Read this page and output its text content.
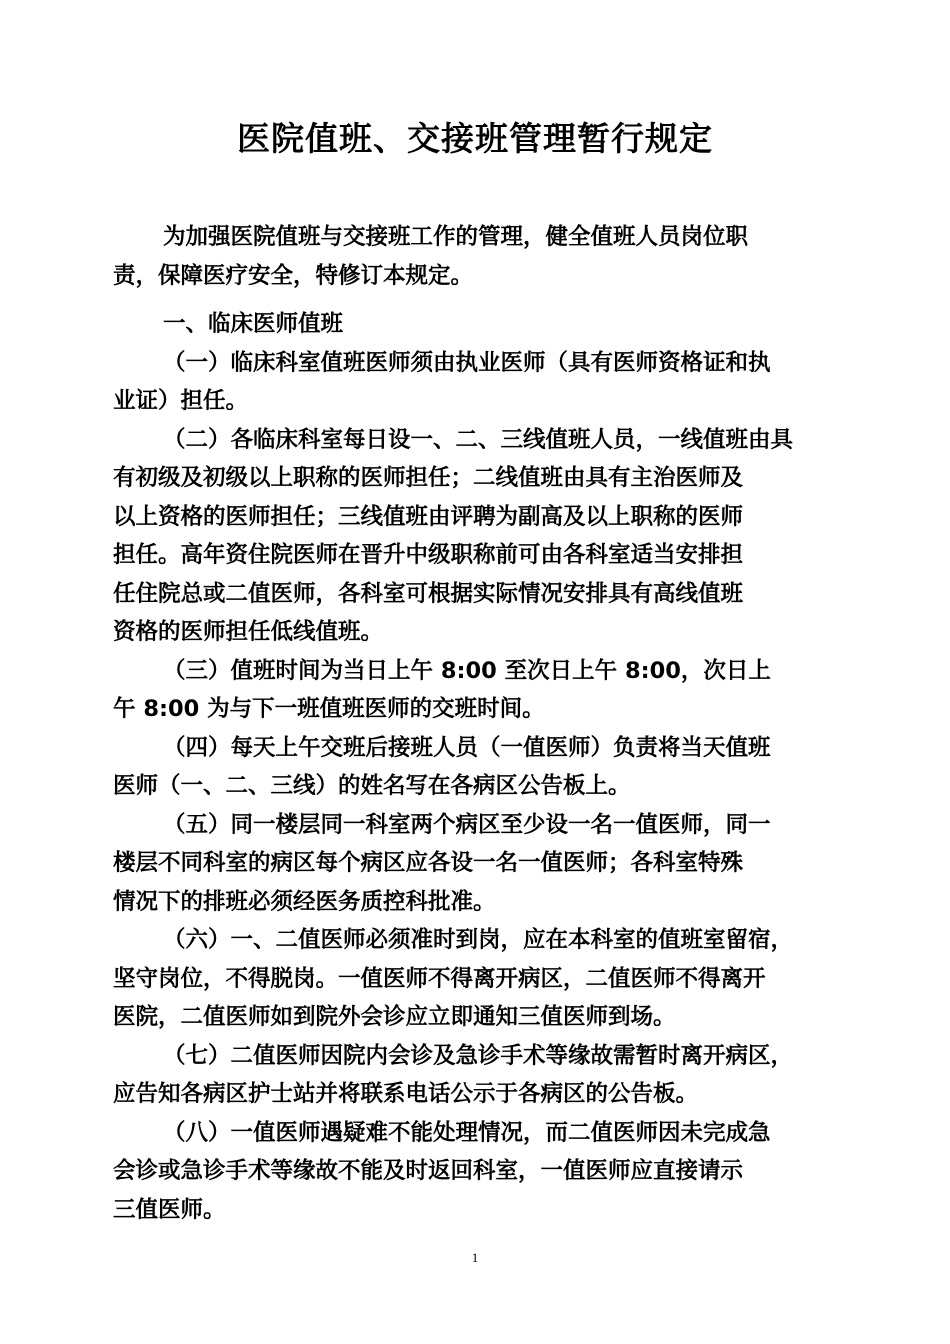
医院值班、交接班管理暂行规定

为加强医院值班与交接班工作的管理，健全值班人员岗位职
责，保障医疗安全，特修订本规定。

一、临床医师值班

（一）临床科室值班医师须由执业医师（具有医师资格证和执
业证）担任。

（二）各临床科室每日设一、二、三线值班人员，一线值班由具
有初级及初级以上职称的医师担任；二线值班由具有主治医师及
以上资格的医师担任；三线值班由评聘为副高及以上职称的医师
担任。高年资住院医师在晋升中级职称前可由各科室适当安排担
任住院总或二值医师，各科室可根据实际情况安排具有高线值班
资格的医师担任低线值班。

（三）值班时间为当日上午 8:00 至次日上午 8:00，次日上
午 8:00 为与下一班值班医师的交班时间。

（四）每天上午交班后接班人员（一值医师）负责将当天值班
医师（一、二、三线）的姓名写在各病区公告板上。

（五）同一楼层同一科室两个病区至少设一名一值医师，同一
楼层不同科室的病区每个病区应各设一名一值医师；各科室特殊
情况下的排班必须经医务质控科批准。

（六）一、二值医师必须准时到岗，应在本科室的值班室留宿，
坚守岗位，不得脱岗。一值医师不得离开病区，二值医师不得离开
医院，二值医师如到院外会诊应立即通知三值医师到场。

（七）二值医师因院内会诊及急诊手术等缘故需暂时离开病区，
应告知各病区护士站并将联系电话公示于各病区的公告板。

（八）一值医师遇疑难不能处理情况，而二值医师因未完成急
会诊或急诊手术等缘故不能及时返回科室，一值医师应直接请示
三值医师。

1
